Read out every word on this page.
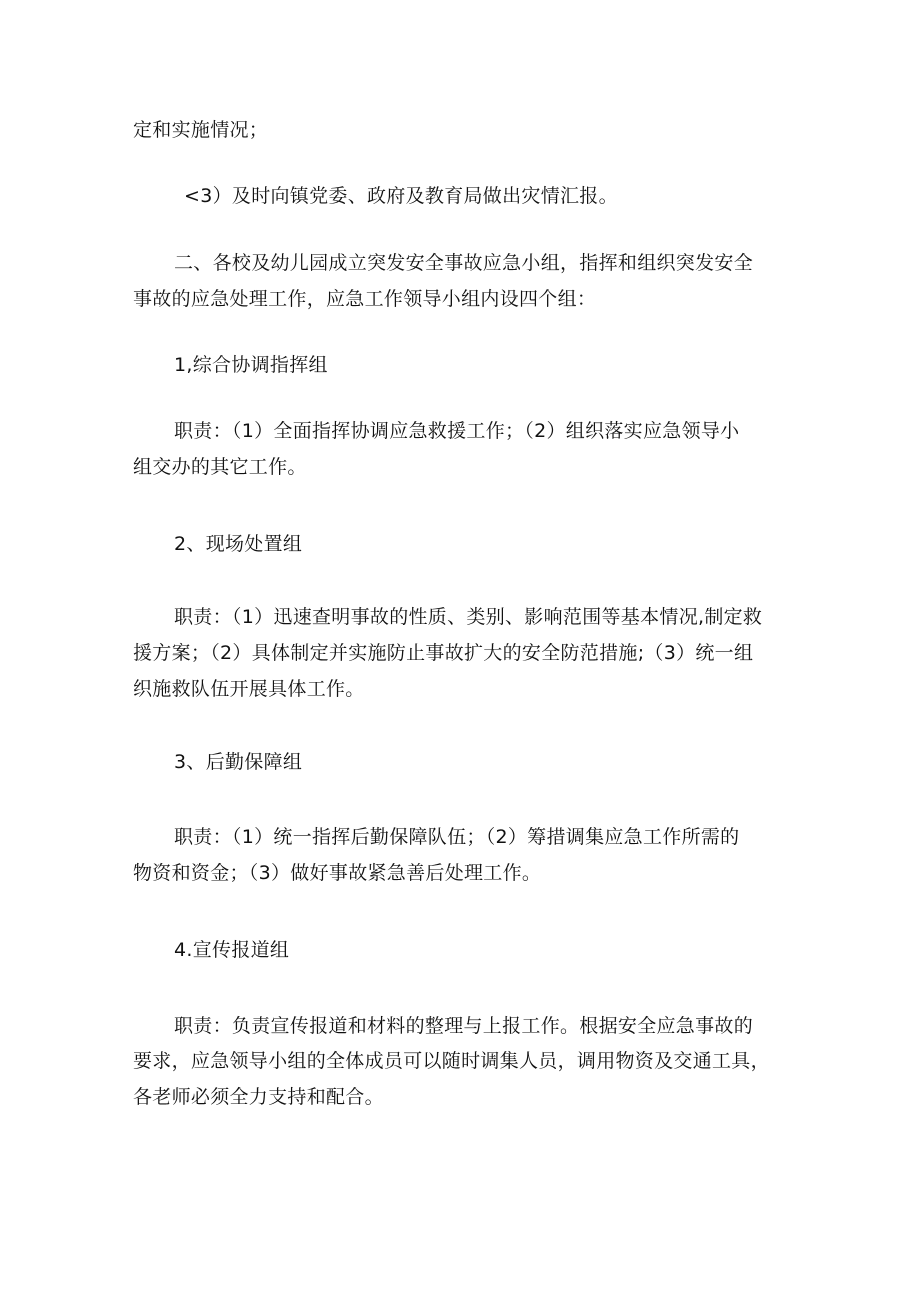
定和实施情况；
<3）及时向镇党委、政府及教育局做出灾情汇报。
二、各校及幼儿园成立突发安全事故应急小组，指挥和组织突发安全
事故的应急处理工作，应急工作领导小组内设四个组：
1,综合协调指挥组
职责：（1）全面指挥协调应急救援工作；（2）组织落实应急领导小
组交办的其它工作。
2、现场处置组
职责：（1）迅速查明事故的性质、类别、影响范围等基本情况,制定救
援方案；（2）具体制定并实施防止事故扩大的安全防范措施;（3）统一组
织施救队伍开展具体工作。
3、后勤保障组
职责：（1）统一指挥后勤保障队伍；（2）筹措调集应急工作所需的
物资和资金；（3）做好事故紧急善后处理工作。
4.宣传报道组
职责：负责宣传报道和材料的整理与上报工作。根据安全应急事故的
要求，应急领导小组的全体成员可以随时调集人员，调用物资及交通工具，
各老师必须全力支持和配合。
